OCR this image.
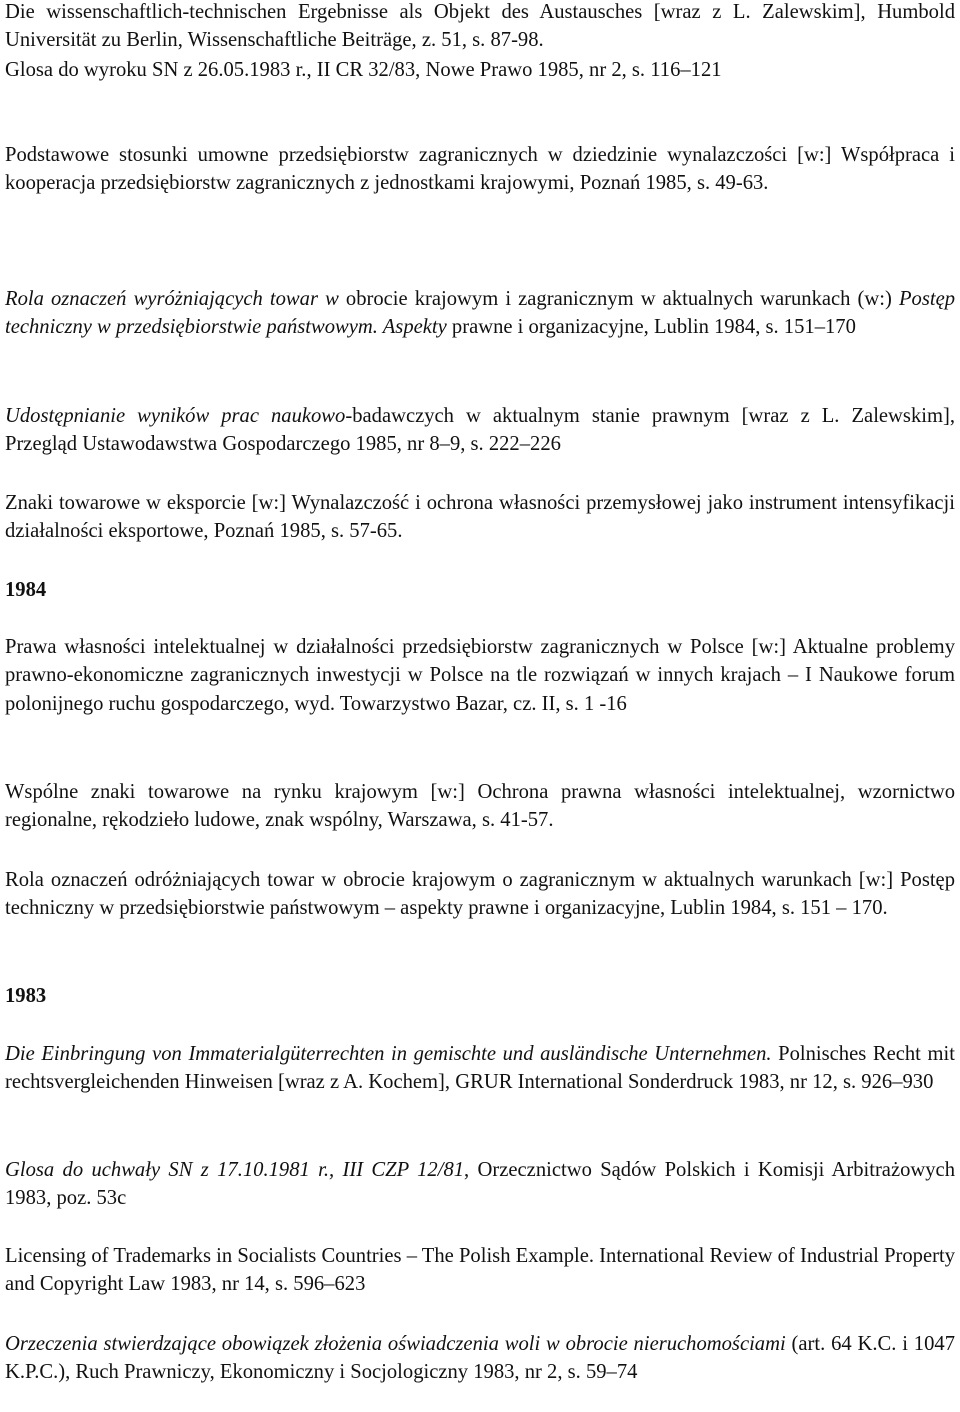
Die wissenschaftlich-technischen Ergebnisse als Objekt des Austausches [wraz z L. Zalewskim], Humbold Universität zu Berlin, Wissenschaftliche Beiträge, z. 51, s. 87-98.

Glosa do wyroku SN z 26.05.1983 r., II CR 32/83, Nowe Prawo 1985, nr 2, s. 116–121

Podstawowe stosunki umowne przedsiębiorstw zagranicznych w dziedzinie wynalazczości [w:] Współpraca i kooperacja przedsiębiorstw zagranicznych z jednostkami krajowymi, Poznań 1985, s. 49-63.

Rola oznaczeń wyróżniających towar w obrocie krajowym i zagranicznym w aktualnych warunkach (w:) Postęp techniczny w przedsiębiorstwie państwowym. Aspekty prawne i organizacyjne, Lublin 1984, s. 151–170

Udostępnianie wyników prac naukowo-badawczych w aktualnym stanie prawnym [wraz z L. Zalewskim], Przegląd Ustawodawstwa Gospodarczego 1985, nr 8–9, s. 222–226

Znaki towarowe w eksporcie [w:] Wynalazczość i ochrona własności przemysłowej jako instrument intensyfikacji działalności eksportowe, Poznań 1985, s. 57-65.

1984

Prawa własności intelektualnej w działalności przedsiębiorstw zagranicznych w Polsce [w:] Aktualne problemy prawno-ekonomiczne zagranicznych inwestycji w Polsce na tle rozwiązań w innych krajach – I Naukowe forum polonijnego ruchu gospodarczego, wyd. Towarzystwo Bazar, cz. II, s. 1 -16

Wspólne znaki towarowe na rynku krajowym [w:] Ochrona prawna własności intelektualnej, wzornictwo regionalne, rękodzieło ludowe, znak wspólny, Warszawa, s. 41-57.

Rola oznaczeń odróżniających towar w obrocie krajowym o zagranicznym w aktualnych warunkach [w:] Postęp techniczny w przedsiębiorstwie państwowym – aspekty prawne i organizacyjne, Lublin 1984, s. 151 – 170.

1983

Die Einbringung von Immaterialgüterrechten in gemischte und ausländische Unternehmen. Polnisches Recht mit rechtsvergleichenden Hinweisen [wraz z A. Kochem], GRUR International Sonderdruck 1983, nr 12, s. 926–930

Glosa do uchwały SN z 17.10.1981 r., III CZP 12/81, Orzecznictwo Sądów Polskich i Komisji Arbitrażowych 1983, poz. 53c

Licensing of Trademarks in Socialists Countries – The Polish Example. International Review of Industrial Property and Copyright Law 1983, nr 14, s. 596–623

Orzeczenia stwierdzające obowiązek złożenia oświadczenia woli w obrocie nieruchomościami (art. 64 K.C. i 1047 K.P.C.), Ruch Prawniczy, Ekonomiczny i Socjologiczny 1983, nr 2, s. 59–74
